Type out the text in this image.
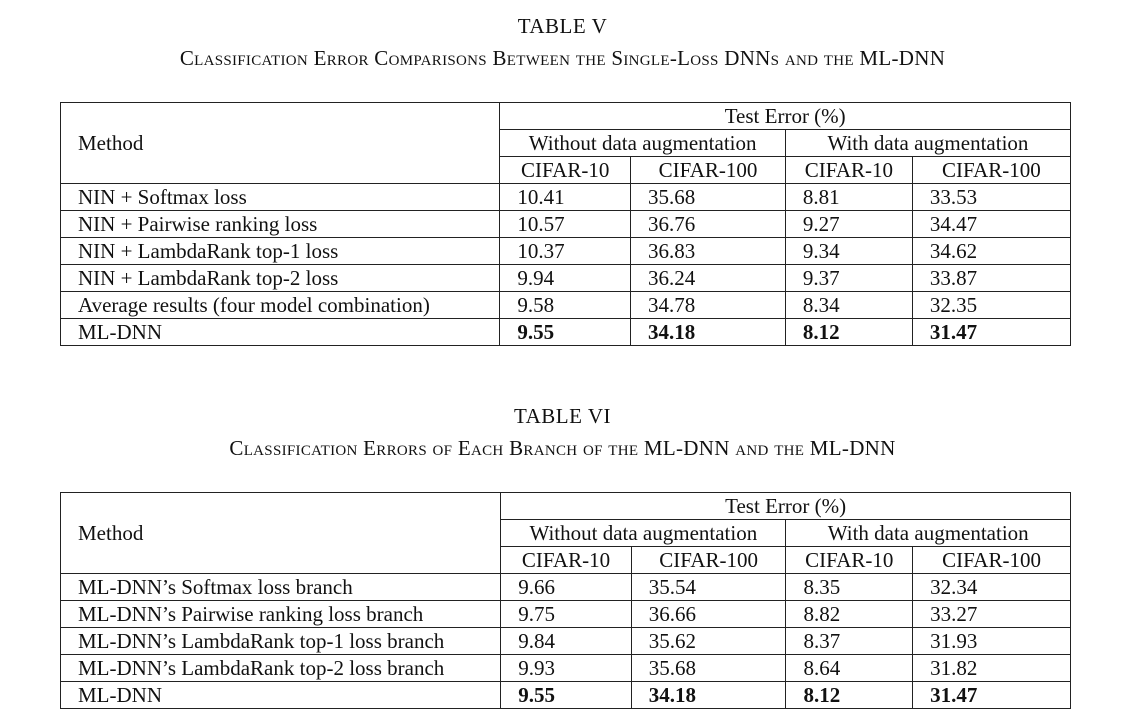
TABLE V
Classification Error Comparisons Between the Single-Loss DNNs and the ML-DNN
Method	Test Error (%)			
	Without data augmentation		With data augmentation	
	CIFAR-10	CIFAR-100	CIFAR-10	CIFAR-100
NIN + Softmax loss	10.41	35.68	8.81	33.53
NIN + Pairwise ranking loss	10.57	36.76	9.27	34.47
NIN + LambdaRank top-1 loss	10.37	36.83	9.34	34.62
NIN + LambdaRank top-2 loss	9.94	36.24	9.37	33.87
Average results (four model combination)	9.58	34.78	8.34	32.35
ML-DNN	9.55	34.18	8.12	31.47
TABLE VI
Classification Errors of Each Branch of the ML-DNN and the ML-DNN
Method	Test Error (%)			
	Without data augmentation		With data augmentation	
	CIFAR-10	CIFAR-100	CIFAR-10	CIFAR-100
ML-DNN’s Softmax loss branch	9.66	35.54	8.35	32.34
ML-DNN’s Pairwise ranking loss branch	9.75	36.66	8.82	33.27
ML-DNN’s LambdaRank top-1 loss branch	9.84	35.62	8.37	31.93
ML-DNN’s LambdaRank top-2 loss branch	9.93	35.68	8.64	31.82
ML-DNN	9.55	34.18	8.12	31.47
